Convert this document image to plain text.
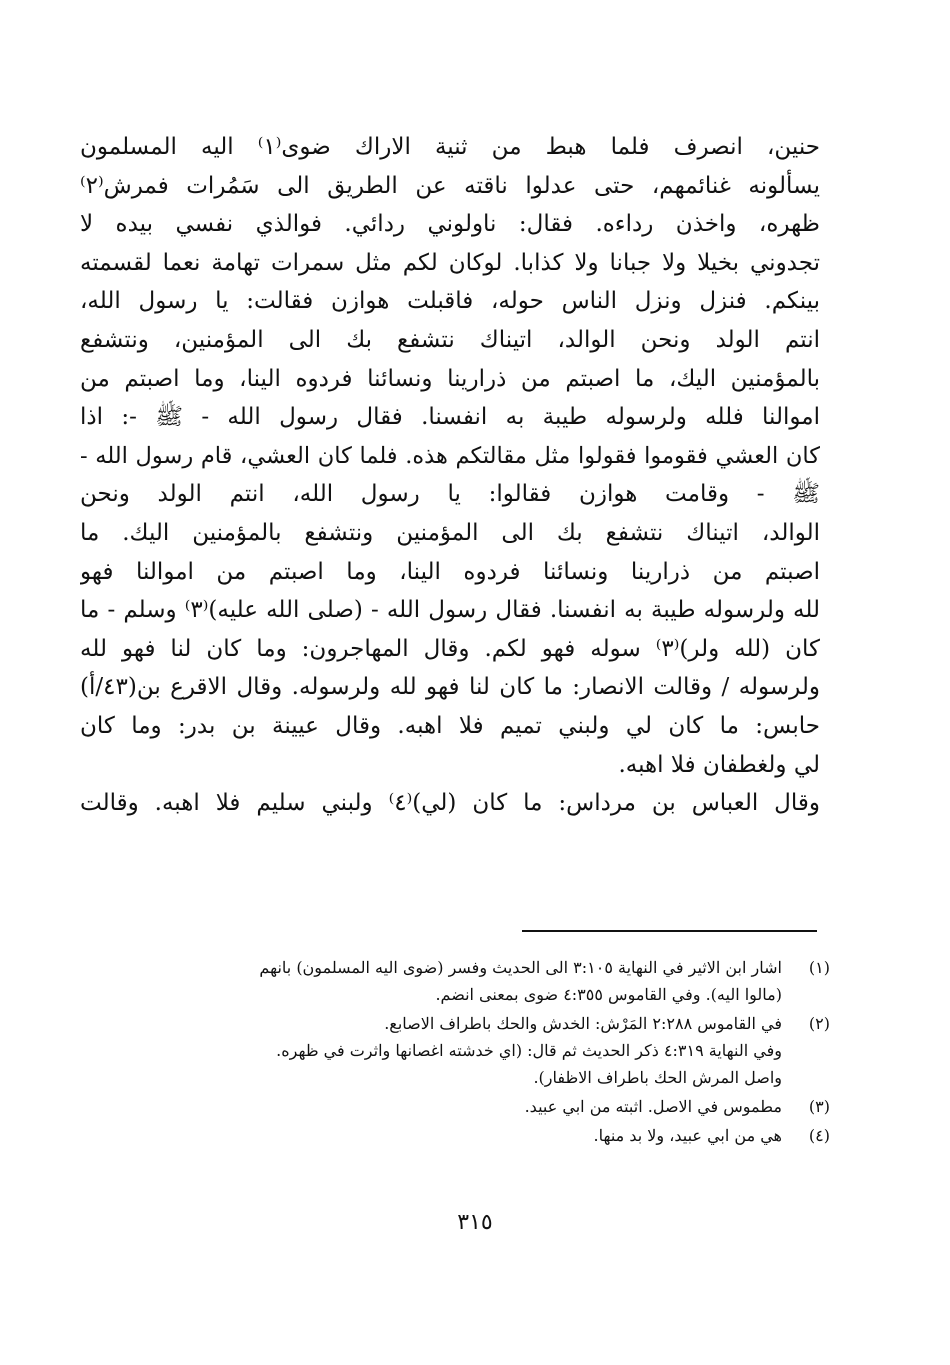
حنين، انصرف فلما هبط من ثنية الاراك ضوى⁽١⁾ اليه المسلمون
يسألونه غنائمهم، حتى عدلوا ناقته عن الطريق الى سَمُرات فمرش⁽٢⁾
ظهره، واخذن رداءه. فقال: ناولوني ردائي. فوالذي نفسي بيده لا
تجدوني بخيلا ولا جبانا ولا كذابا. لوكان لكم مثل سمرات تهامة نعما لقسمته
بينكم. فنزل ونزل الناس حوله، فاقبلت هوازن فقالت: يا رسول الله،
انتم الولد ونحن الوالد، اتيناك نتشفع بك الى المؤمنين، ونتشفع
بالمؤمنين اليك، ما اصبتم من ذرارينا ونسائنا فردوه الينا، وما اصبتم من
اموالنا فلله ولرسوله طيبة به انفسنا. فقال رسول الله - ﷺ -: اذا
كان العشي فقوموا فقولوا مثل مقالتكم هذه. فلما كان العشي، قام رسول الله -
ﷺ - وقامت هوازن فقالوا: يا رسول الله، انتم الولد ونحن
الوالد، اتيناك نتشفع بك الى المؤمنين ونتشفع بالمؤمنين اليك. ما
اصبتم من ذرارينا ونسائنا فردوه الينا، وما اصبتم من اموالنا فهو
لله ولرسوله طيبة به انفسنا. فقال رسول الله - (صلى الله عليه)⁽٣⁾ وسلم - ما
كان (لله ولر)⁽٣⁾ سوله فهو لكم. وقال المهاجرون: وما كان لنا فهو لله
ولرسوله / وقالت الانصار: ما كان لنا فهو لله ولرسوله. وقال الاقرع بن(٤٣/أ)
حابس: ما كان لي ولبني تميم فلا اهبه. وقال عيينة بن بدر: وما كان
لي ولغطفان فلا اهبه.
وقال العباس بن مرداس: ما كان (لي)⁽٤⁾ ولبني سليم فلا اهبه. وقالت
(١)
اشار ابن الاثير في النهاية ٣:١٠٥ الى الحديث وفسر (ضوى اليه المسلمون) بانهم
(مالوا اليه). وفي القاموس ٤:٣٥٥ ضوى بمعنى انضم.
(٢)
في القاموس ٢:٢٨٨ المَرْش: الخدش والحك باطراف الاصابع.
وفي النهاية ٤:٣١٩ ذكر الحديث ثم قال: (اي خدشته اغصانها واثرت في ظهره.
واصل المرش الحك باطراف الاظفار).
(٣)
مطموس في الاصل. اثبته من ابي عبيد.
(٤)
هي من ابي عبيد، ولا بد منها.
٣١٥
